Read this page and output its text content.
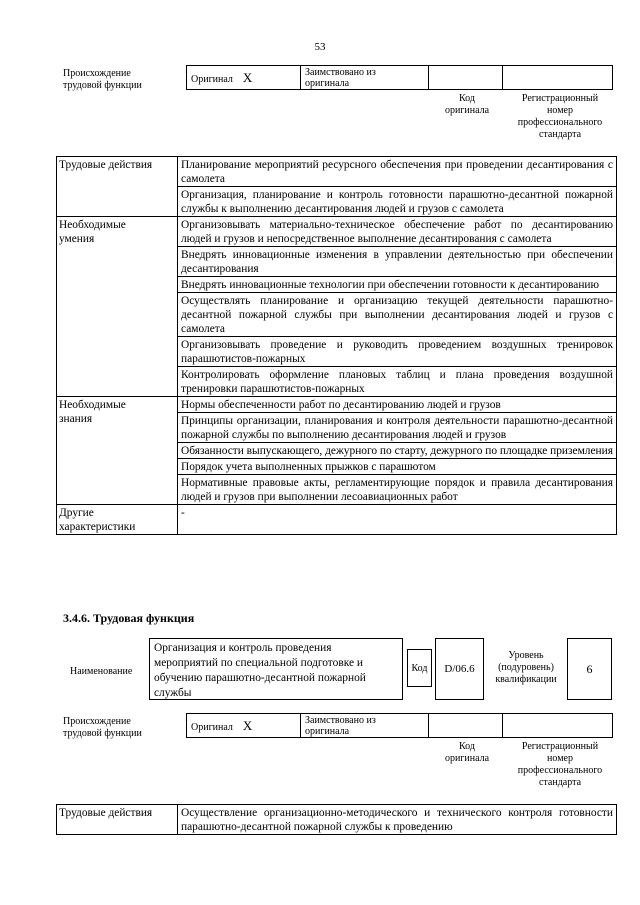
53
Происхождение
трудовой функции
Оригинал X	Заимствовано из
оригинала

Код
оригинала
Регистрационный
номер
профессионального
стандарта
Трудовые действия	Планирование мероприятий ресурсного обеспечения при проведении десантирования с самолета
	Организация, планирование и контроль готовности парашютно-десантной пожарной службы к выполнению десантирования людей и грузов с самолета

Необходимые
умения	Организовывать материально-техническое обеспечение работ по десантированию людей и грузов и непосредственное выполнение десантирования с самолета
	Внедрять инновационные изменения в управлении деятельностью при обеспечении десантирования
	Внедрять инновационные технологии при обеспечении готовности к десантированию
	Осуществлять планирование и организацию текущей деятельности парашютно-десантной пожарной службы при выполнении десантирования людей и грузов с самолета
	Организовывать проведение и руководить проведением воздушных тренировок парашютистов-пожарных
	Контролировать оформление плановых таблиц и плана проведения воздушной тренировки парашютистов-пожарных

Необходимые
знания	Нормы обеспеченности работ по десантированию людей и грузов
	Принципы организации, планирования и контроля деятельности парашютно-десантной пожарной службы по выполнению десантирования людей и грузов
	Обязанности выпускающего, дежурного по старту, дежурного по площадке приземления
	Порядок учета выполненных прыжков с парашютом
	Нормативные правовые акты, регламентирующие порядок и правила десантирования людей и грузов при выполнении лесоавиационных работ

Другие
характеристики	-
3.4.6. Трудовая функция
Наименование
Организация и контроль проведения мероприятий по специальной подготовке и обучению парашютно-десантной пожарной службы
Код	D/06.6
Уровень
(подуровень)
квалификации
6
Происхождение
трудовой функции
Оригинал X	Заимствовано из
оригинала

Код
оригинала
Регистрационный
номер
профессионального
стандарта
Трудовые действия	Осуществление организационно-методического и технического контроля готовности парашютно-десантной пожарной службы к проведению
